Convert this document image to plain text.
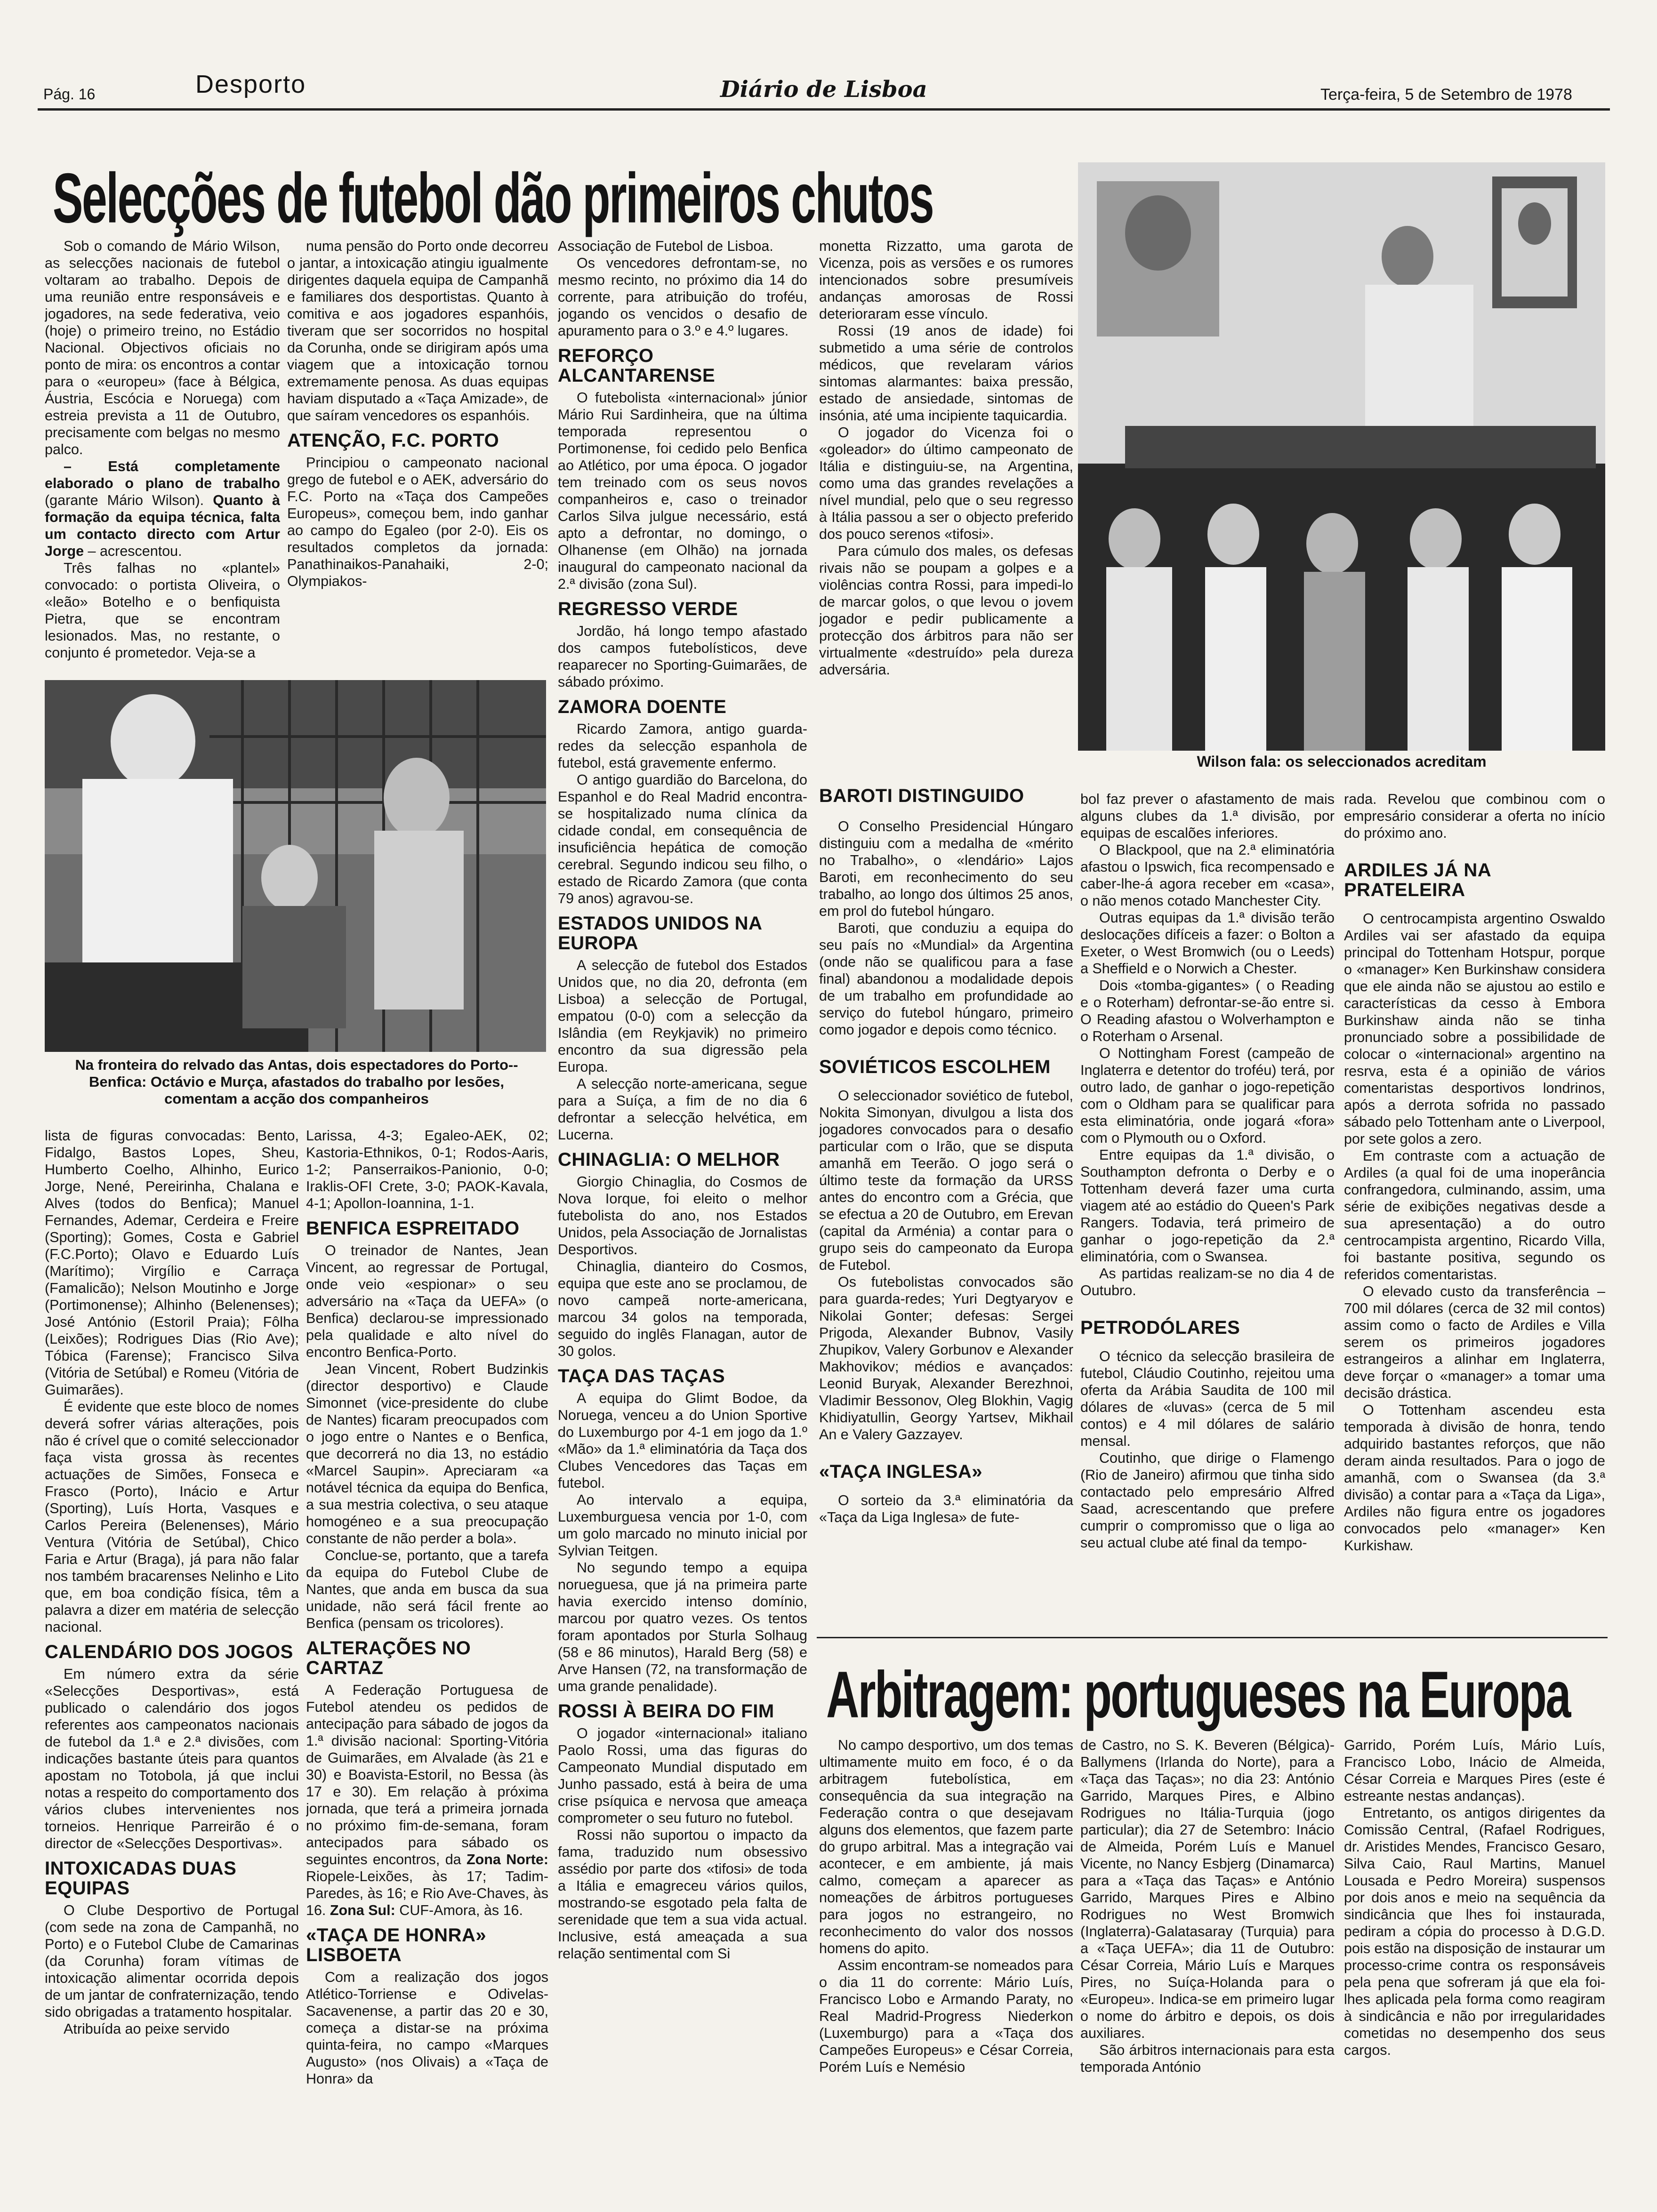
Pág. 16	Desporto	Diário de Lisboa	Terça-feira, 5 de Setembro de 1978
Selecções de futebol dão primeiros chutos

Sob o comando de Mário Wilson, as selecções nacionais de futebol voltaram ao trabalho. Depois de uma reunião entre responsáveis e jogadores, na sede federativa, veio (hoje) o primeiro treino, no Estádio Nacional. Objectivos oficiais no ponto de mira: os encontros a contar para o «europeu» (face à Bélgica, Áustria, Escócia e Noruega) com estreia prevista a 11 de Outubro, precisamente com belgas no mesmo palco.

– Está completamente elaborado o plano de trabalho (garante Mário Wilson). Quanto à formação da equipa técnica, falta um contacto directo com Artur Jorge – acrescentou.

Três falhas no «plantel» convocado: o portista Oliveira, o «leão» Botelho e o benfiquista Pietra, que se encontram lesionados. Mas, no restante, o conjunto é prometedor. Veja-se a

numa pensão do Porto onde decorreu o jantar, a intoxicação atingiu igualmente dirigentes daquela equipa de Campanhã e familiares dos desportistas. Quanto à comitiva e aos jogadores espanhóis, tiveram que ser socorridos no hospital da Corunha, onde se dirigiram após uma viagem que a intoxicação tornou extremamente penosa. As duas equipas haviam disputado a «Taça Amizade», de que saíram vencedores os espanhóis.

ATENÇÃO, F.C. PORTO

Principiou o campeonato nacional grego de futebol e o AEK, adversário do F.C. Porto na «Taça dos Campeões Europeus», começou bem, indo ganhar ao campo do Egaleo (por 2-0). Eis os resultados completos da jornada: Panathinaikos-Panahaiki, 2-0; Olympiakos-

Na fronteira do relvado das Antas, dois espectadores do Porto--Benfica: Octávio e Murça, afastados do trabalho por lesões, comentam a acção dos companheiros

lista de figuras convocadas: Bento, Fidalgo, Bastos Lopes, Sheu, Humberto Coelho, Alhinho, Eurico Jorge, Nené, Pereirinha, Chalana e Alves (todos do Benfica); Manuel Fernandes, Ademar, Cerdeira e Freire (Sporting); Gomes, Costa e Gabriel (F.C.Porto); Olavo e Eduardo Luís (Marítimo); Virgílio e Carraça (Famalicão); Nelson Moutinho e Jorge (Portimonense); Alhinho (Belenenses); José António (Estoril Praia); Fôlha (Leixões); Rodrigues Dias (Rio Ave); Tóbica (Farense); Francisco Silva (Vitória de Setúbal) e Romeu (Vitória de Guimarães).

É evidente que este bloco de nomes deverá sofrer várias alterações, pois não é crível que o comité seleccionador faça vista grossa às recentes actuações de Simões, Fonseca e Frasco (Porto), Inácio e Artur (Sporting), Luís Horta, Vasques e Carlos Pereira (Belenenses), Mário Ventura (Vitória de Setúbal), Chico Faria e Artur (Braga), já para não falar nos também bracarenses Nelinho e Lito que, em boa condição física, têm a palavra a dizer em matéria de selecção nacional.

CALENDÁRIO DOS JOGOS

Em número extra da série «Selecções Desportivas», está publicado o calendário dos jogos referentes aos campeonatos nacionais de futebol da 1.ª e 2.ª divisões, com indicações bastante úteis para quantos apostam no Totobola, já que inclui notas a respeito do comportamento dos vários clubes intervenientes nos torneios. Henrique Parreirão é o director de «Selecções Desportivas».

INTOXICADAS DUAS EQUIPAS

O Clube Desportivo de Portugal (com sede na zona de Campanhã, no Porto) e o Futebol Clube de Camarinas (da Corunha) foram vítimas de intoxicação alimentar ocorrida depois de um jantar de confraternização, tendo sido obrigadas a tratamento hospitalar.

Atribuída ao peixe servido

Larissa, 4-3; Egaleo-AEK, 02; Kastoria-Ethnikos, 0-1; Rodos-Aaris, 1-2; Panserraikos-Panionio, 0-0; Iraklis-OFI Crete, 3-0; PAOK-Kavala, 4-1; Apollon-Ioannina, 1-1.

BENFICA ESPREITADO

O treinador de Nantes, Jean Vincent, ao regressar de Portugal, onde veio «espionar» o seu adversário na «Taça da UEFA» (o Benfica) declarou-se impressionado pela qualidade e alto nível do encontro Benfica-Porto.

Jean Vincent, Robert Budzinkis (director desportivo) e Claude Simonnet (vice-presidente do clube de Nantes) ficaram preocupados com o jogo entre o Nantes e o Benfica, que decorrerá no dia 13, no estádio «Marcel Saupin». Apreciaram «a notável técnica da equipa do Benfica, a sua mestria colectiva, o seu ataque homogéneo e a sua preocupação constante de não perder a bola».

Conclue-se, portanto, que a tarefa da equipa do Futebol Clube de Nantes, que anda em busca da sua unidade, não será fácil frente ao Benfica (pensam os tricolores).

ALTERAÇÕES NO CARTAZ

A Federação Portuguesa de Futebol atendeu os pedidos de antecipação para sábado de jogos da 1.ª divisão nacional: Sporting-Vitória de Guimarães, em Alvalade (às 21 e 30) e Boavista-Estoril, no Bessa (às 17 e 30). Em relação à próxima jornada, que terá a primeira jornada no próximo fim-de-semana, foram antecipados para sábado os seguintes encontros, da Zona Norte: Riopele-Leixões, às 17; Tadim-Paredes, às 16; e Rio Ave-Chaves, às 16. Zona Sul: CUF-Amora, às 16.

«TAÇA DE HONRA» LISBOETA

Com a realização dos jogos Atlético-Torriense e Odivelas-Sacavenense, a partir das 20 e 30, começa a distar-se na próxima quinta-feira, no campo «Marques Augusto» (nos Olivais) a «Taça de Honra» da

Associação de Futebol de Lisboa.

Os vencedores defrontam-se, no mesmo recinto, no próximo dia 14 do corrente, para atribuição do troféu, jogando os vencidos o desafio de apuramento para o 3.º e 4.º lugares.

REFORÇO ALCANTARENSE

O futebolista «internacional» júnior Mário Rui Sardinheira, que na última temporada representou o Portimonense, foi cedido pelo Benfica ao Atlético, por uma época. O jogador tem treinado com os seus novos companheiros e, caso o treinador Carlos Silva julgue necessário, está apto a defrontar, no domingo, o Olhanense (em Olhão) na jornada inaugural do campeonato nacional da 2.ª divisão (zona Sul).

REGRESSO VERDE

Jordão, há longo tempo afastado dos campos futebolísticos, deve reaparecer no Sporting-Guimarães, de sábado próximo.

ZAMORA DOENTE

Ricardo Zamora, antigo guarda-redes da selecção espanhola de futebol, está gravemente enfermo.

O antigo guardião do Barcelona, do Espanhol e do Real Madrid encontra-se hospitalizado numa clínica da cidade condal, em consequência de insuficiência hepática de comoção cerebral. Segundo indicou seu filho, o estado de Ricardo Zamora (que conta 79 anos) agravou-se.

ESTADOS UNIDOS NA EUROPA

A selecção de futebol dos Estados Unidos que, no dia 20, defronta (em Lisboa) a selecção de Portugal, empatou (0-0) com a selecção da Islândia (em Reykjavik) no primeiro encontro da sua digressão pela Europa.

A selecção norte-americana, segue para a Suíça, a fim de no dia 6 defrontar a selecção helvética, em Lucerna.

CHINAGLIA: O MELHOR

Giorgio Chinaglia, do Cosmos de Nova Iorque, foi eleito o melhor futebolista do ano, nos Estados Unidos, pela Associação de Jornalistas Desportivos.

Chinaglia, dianteiro do Cosmos, equipa que este ano se proclamou, de novo campeã norte-americana, marcou 34 golos na temporada, seguido do inglês Flanagan, autor de 30 golos.

TAÇA DAS TAÇAS

A equipa do Glimt Bodoe, da Noruega, venceu a do Union Sportive do Luxemburgo por 4-1 em jogo da 1.º «Mão» da 1.ª eliminatória da Taça dos Clubes Vencedores das Taças em futebol.

Ao intervalo a equipa, Luxemburguesa vencia por 1-0, com um golo marcado no minuto inicial por Sylvian Teitgen.

No segundo tempo a equipa norueguesa, que já na primeira parte havia exercido intenso domínio, marcou por quatro vezes. Os tentos foram apontados por Sturla Solhaug (58 e 86 minutos), Harald Berg (58) e Arve Hansen (72, na transformação de uma grande penalidade).

ROSSI À BEIRA DO FIM

O jogador «internacional» italiano Paolo Rossi, uma das figuras do Campeonato Mundial disputado em Junho passado, está à beira de uma crise psíquica e nervosa que ameaça comprometer o seu futuro no futebol.

Rossi não suportou o impacto da fama, traduzido num obsessivo assédio por parte dos «tifosi» de toda a Itália e emagreceu vários quilos, mostrando-se esgotado pela falta de serenidade que tem a sua vida actual. Inclusive, está ameaçada a sua relação sentimental com Si

monetta Rizzatto, uma garota de Vicenza, pois as versões e os rumores intencionados sobre presumíveis andanças amorosas de Rossi deterioraram esse vínculo.

Rossi (19 anos de idade) foi submetido a uma série de controlos médicos, que revelaram vários sintomas alarmantes: baixa pressão, estado de ansiedade, sintomas de insónia, até uma incipiente taquicardia.

O jogador do Vicenza foi o «goleador» do último campeonato de Itália e distinguiu-se, na Argentina, como uma das grandes revelações a nível mundial, pelo que o seu regresso à Itália passou a ser o objecto preferido dos pouco serenos «tifosi».

Para cúmulo dos males, os defesas rivais não se poupam a golpes e a violências contra Rossi, para impedi-lo de marcar golos, o que levou o jovem jogador e pedir publicamente a protecção dos árbitros para não ser virtualmente «destruído» pela dureza adversária.

Wilson fala: os seleccionados acreditam
BAROTI DISTINGUIDO

O Conselho Presidencial Húngaro distinguiu com a medalha de «mérito no Trabalho», o «lendário» Lajos Baroti, em reconhecimento do seu trabalho, ao longo dos últimos 25 anos, em prol do futebol húngaro.

Baroti, que conduziu a equipa do seu país no «Mundial» da Argentina (onde não se qualificou para a fase final) abandonou a modalidade depois de um trabalho em profundidade ao serviço do futebol húngaro, primeiro como jogador e depois como técnico.

SOVIÉTICOS ESCOLHEM

O seleccionador soviético de futebol, Nokita Simonyan, divulgou a lista dos jogadores convocados para o desafio particular com o Irão, que se disputa amanhã em Teerão. O jogo será o último teste da formação da URSS antes do encontro com a Grécia, que se efectua a 20 de Outubro, em Erevan (capital da Arménia) a contar para o grupo seis do campeonato da Europa de Futebol.

Os futebolistas convocados são para guarda-redes; Yuri Degtyaryov e Nikolai Gonter; defesas: Sergei Prigoda, Alexander Bubnov, Vasily Zhupikov, Valery Gorbunov e Alexander Makhovikov; médios e avançados: Leonid Buryak, Alexander Berezhnoi, Vladimir Bessonov, Oleg Blokhin, Vagig Khidiyatullin, Georgy Yartsev, Mikhail An e Valery Gazzayev.

«TAÇA INGLESA»

O sorteio da 3.ª eliminatória da «Taça da Liga Inglesa» de fute-

bol faz prever o afastamento de mais alguns clubes da 1.ª divisão, por equipas de escalões inferiores.

O Blackpool, que na 2.ª eliminatória afastou o Ipswich, fica recompensado e caber-lhe-á agora receber em «casa», o não menos cotado Manchester City.

Outras equipas da 1.ª divisão terão deslocações difíceis a fazer: o Bolton a Exeter, o West Bromwich (ou o Leeds) a Sheffield e o Norwich a Chester.

Dois «tomba-gigantes» ( o Reading e o Roterham) defrontar-se-ão entre si. O Reading afastou o Wolverhampton e o Roterham o Arsenal.

O Nottingham Forest (campeão de Inglaterra e detentor do troféu) terá, por outro lado, de ganhar o jogo-repetição com o Oldham para se qualificar para esta eliminatória, onde jogará «fora» com o Plymouth ou o Oxford.

Entre equipas da 1.ª divisão, o Southampton defronta o Derby e o Tottenham deverá fazer uma curta viagem até ao estádio do Queen's Park Rangers. Todavia, terá primeiro de ganhar o jogo-repetição da 2.ª eliminatória, com o Swansea.

As partidas realizam-se no dia 4 de Outubro.

PETRODÓLARES

O técnico da selecção brasileira de futebol, Cláudio Coutinho, rejeitou uma oferta da Arábia Saudita de 100 mil dólares de «luvas» (cerca de 5 mil contos) e 4 mil dólares de salário mensal.

Coutinho, que dirige o Flamengo (Rio de Janeiro) afirmou que tinha sido contactado pelo empresário Alfred Saad, acrescentando que prefere cumprir o compromisso que o liga ao seu actual clube até final da tempo-

rada. Revelou que combinou com o empresário considerar a oferta no início do próximo ano.

ARDILES JÁ NA PRATELEIRA

O centrocampista argentino Oswaldo Ardiles vai ser afastado da equipa principal do Tottenham Hotspur, porque o «manager» Ken Burkinshaw considera que ele ainda não se ajustou ao estilo e características da cesso à Embora Burkinshaw ainda não se tinha pronunciado sobre a possibilidade de colocar o «internacional» argentino na resrva, esta é a opinião de vários comentaristas desportivos londrinos, após a derrota sofrida no passado sábado pelo Tottenham ante o Liverpool, por sete golos a zero.

Em contraste com a actuação de Ardiles (a qual foi de uma inoperância confrangedora, culminando, assim, uma série de exibições negativas desde a sua apresentação) a do outro centrocampista argentino, Ricardo Villa, foi bastante positiva, segundo os referidos comentaristas.

O elevado custo da transferência – 700 mil dólares (cerca de 32 mil contos) assim como o facto de Ardiles e Villa serem os primeiros jogadores estrangeiros a alinhar em Inglaterra, deve forçar o «manager» a tomar uma decisão drástica.

O Tottenham ascendeu esta temporada à divisão de honra, tendo adquirido bastantes reforços, que não deram ainda resultados. Para o jogo de amanhã, com o Swansea (da 3.ª divisão) a contar para a «Taça da Liga», Ardiles não figura entre os jogadores convocados pelo «manager» Ken Kurkishaw.

Arbitragem: portugueses na Europa

No campo desportivo, um dos temas ultimamente muito em foco, é o da arbitragem futebolística, em consequência da sua integração na Federação contra o que desejavam alguns dos elementos, que fazem parte do grupo arbitral. Mas a integração vai acontecer, e em ambiente, já mais calmo, começam a aparecer as nomeações de árbitros portugueses para jogos no estrangeiro, no reconhecimento do valor dos nossos homens do apito.

Assim encontram-se nomeados para o dia 11 do corrente: Mário Luís, Francisco Lobo e Armando Paraty, no Real Madrid-Progress Niederkon (Luxemburgo) para a «Taça dos Campeões Europeus» e César Correia, Porém Luís e Nemésio

de Castro, no S. K. Beveren (Bélgica)-Ballymens (Irlanda do Norte), para a «Taça das Taças»; no dia 23: António Garrido, Marques Pires, e Albino Rodrigues no Itália-Turquia (jogo particular); dia 27 de Setembro: Inácio de Almeida, Porém Luís e Manuel Vicente, no Nancy Esbjerg (Dinamarca) para a «Taça das Taças» e António Garrido, Marques Pires e Albino Rodrigues no West Bromwich (Inglaterra)-Galatasaray (Turquia) para a «Taça UEFA»; dia 11 de Outubro: César Correia, Mário Luís e Marques Pires, no Suíça-Holanda para o «Europeu». Indica-se em primeiro lugar o nome do árbitro e depois, os dois auxiliares.

São árbitros internacionais para esta temporada António

Garrido, Porém Luís, Mário Luís, Francisco Lobo, Inácio de Almeida, César Correia e Marques Pires (este é estreante nestas andanças).

Entretanto, os antigos dirigentes da Comissão Central, (Rafael Rodrigues, dr. Aristides Mendes, Francisco Gesaro, Silva Caio, Raul Martins, Manuel Lousada e Pedro Moreira) suspensos por dois anos e meio na sequência da sindicância que lhes foi instaurada, pediram a cópia do processo à D.G.D. pois estão na disposição de instaurar um processo-crime contra os responsáveis pela pena que sofreram já que ela foi-lhes aplicada pela forma como reagiram à sindicância e não por irregularidades cometidas no desempenho dos seus cargos.
